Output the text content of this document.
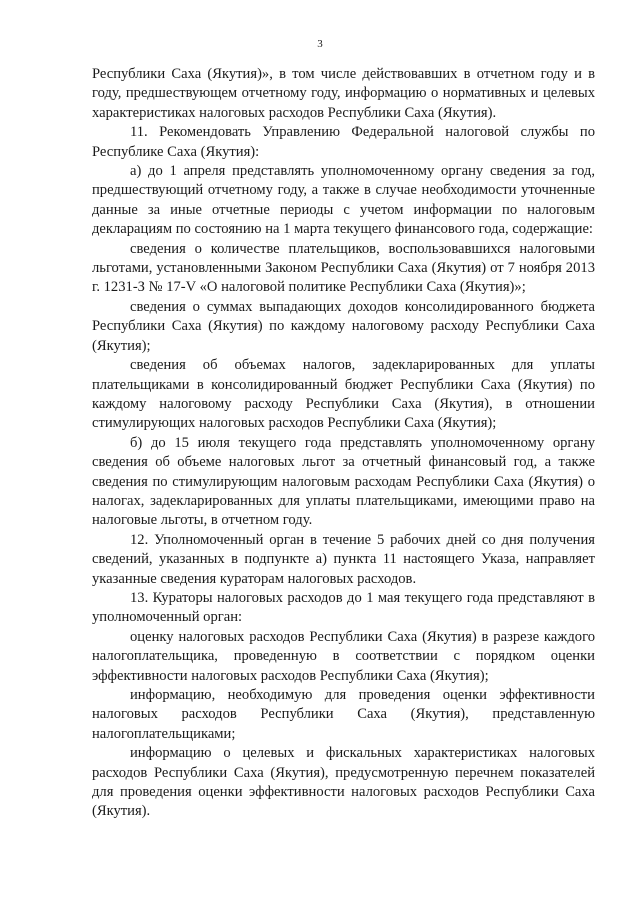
3

Республики Саха (Якутия)», в том числе действовавших в отчетном году и в году, предшествующем отчетному году, информацию о нормативных и целевых характеристиках налоговых расходов Республики Саха (Якутия).

11. Рекомендовать Управлению Федеральной налоговой службы по Республике Саха (Якутия):

а) до 1 апреля представлять уполномоченному органу сведения за год, предшествующий отчетному году, а также в случае необходимости уточненные данные за иные отчетные периоды с учетом информации по налоговым декларациям по состоянию на 1 марта текущего финансового года, содержащие:

сведения о количестве плательщиков, воспользовавшихся налоговыми льготами, установленными Законом Республики Саха (Якутия) от 7 ноября 2013 г. 1231-З № 17-V «О налоговой политике Республики Саха (Якутия)»;

сведения о суммах выпадающих доходов консолидированного бюджета Республики Саха (Якутия) по каждому налоговому расходу Республики Саха (Якутия);

сведения об объемах налогов, задекларированных для уплаты плательщиками в консолидированный бюджет Республики Саха (Якутия) по каждому налоговому расходу Республики Саха (Якутия), в отношении стимулирующих налоговых расходов Республики Саха (Якутия);

б) до 15 июля текущего года представлять уполномоченному органу сведения об объеме налоговых льгот за отчетный финансовый год, а также сведения по стимулирующим налоговым расходам Республики Саха (Якутия) о налогах, задекларированных для уплаты плательщиками, имеющими право на налоговые льготы, в отчетном году.

12. Уполномоченный орган в течение 5 рабочих дней со дня получения сведений, указанных в подпункте а) пункта 11 настоящего Указа, направляет указанные сведения кураторам налоговых расходов.

13. Кураторы налоговых расходов до 1 мая текущего года представляют в уполномоченный орган:

оценку налоговых расходов Республики Саха (Якутия) в разрезе каждого налогоплательщика, проведенную в соответствии с порядком оценки эффективности налоговых расходов Республики Саха (Якутия);

информацию, необходимую для проведения оценки эффективности налоговых расходов Республики Саха (Якутия), представленную налогоплательщиками;

информацию о целевых и фискальных характеристиках налоговых расходов Республики Саха (Якутия), предусмотренную перечнем показателей для проведения оценки эффективности налоговых расходов Республики Саха (Якутия).
